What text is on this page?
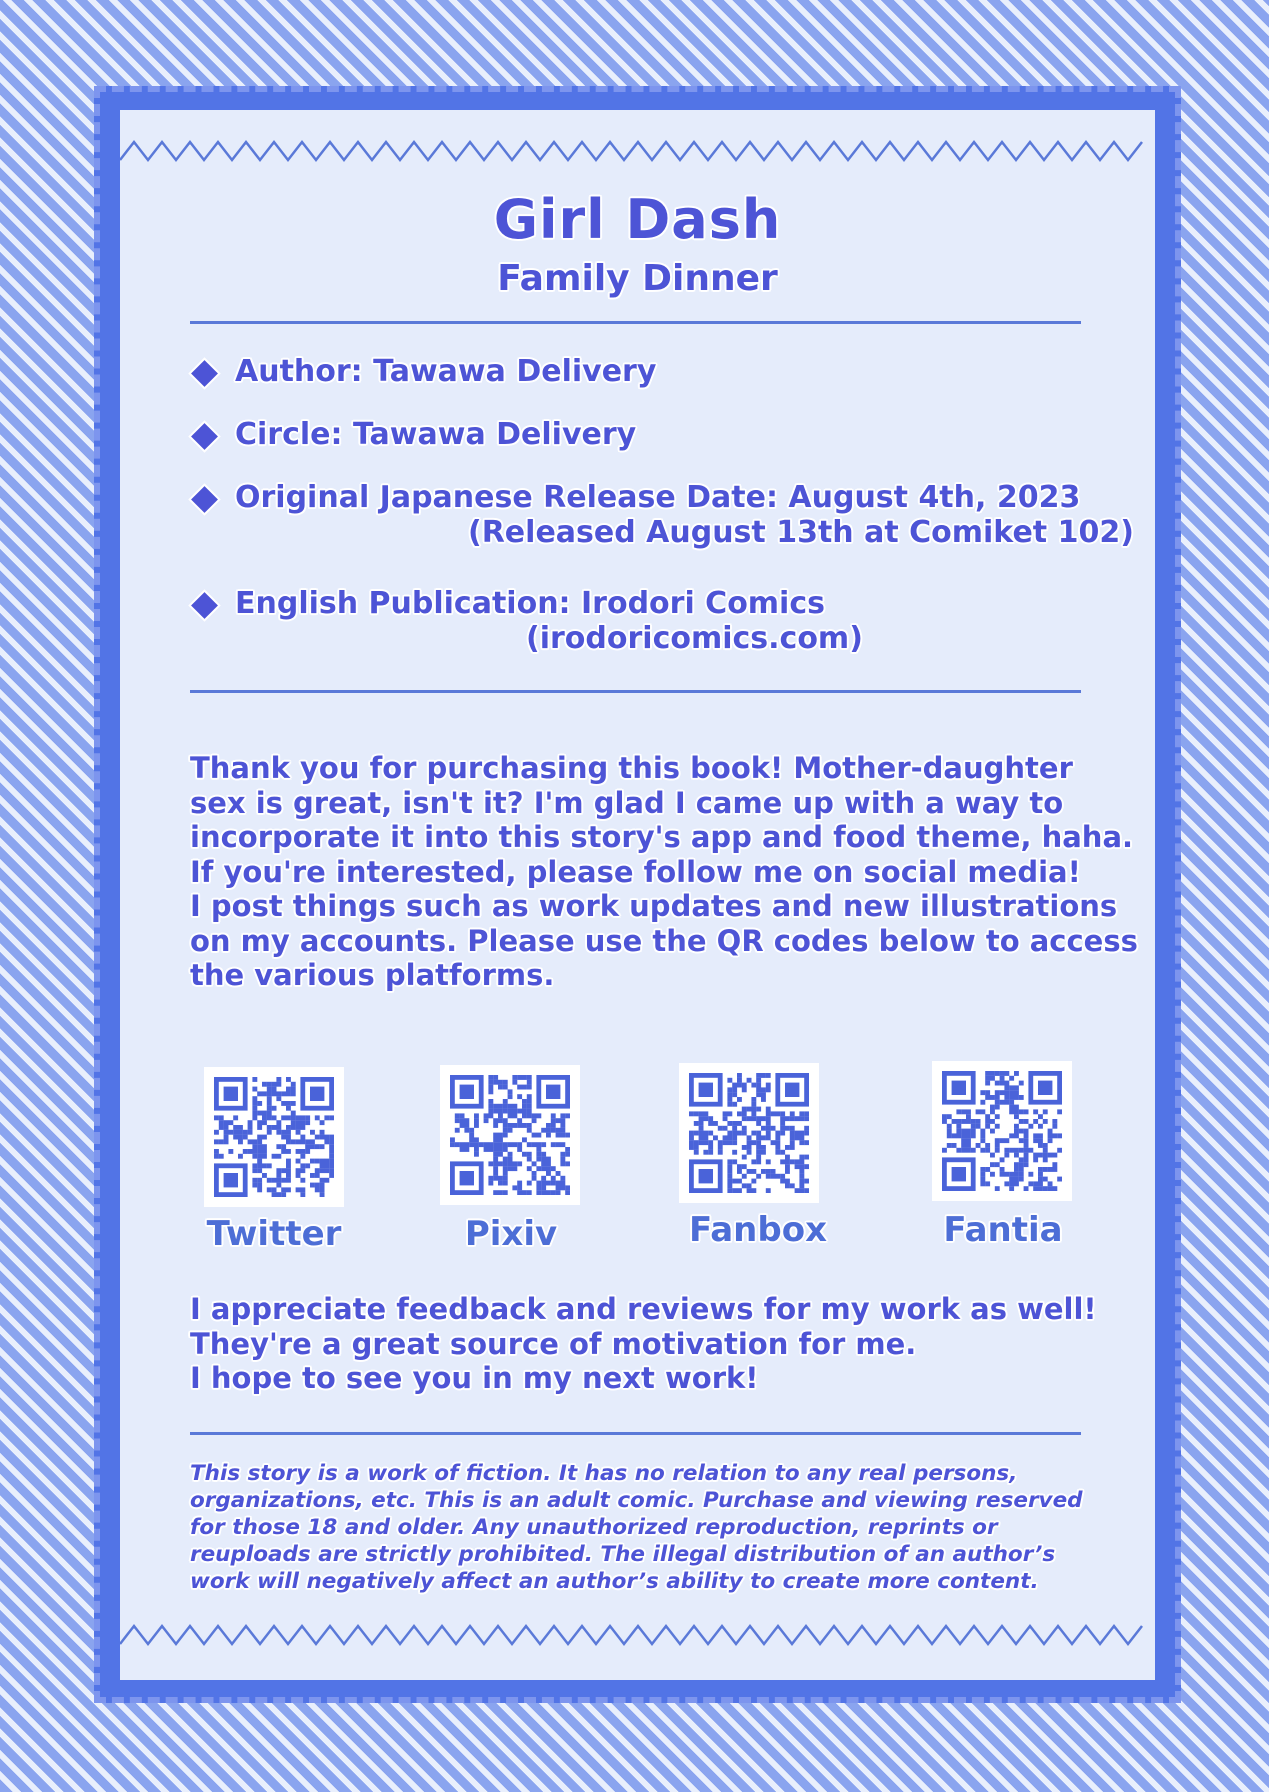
Girl Dash
Family Dinner
Author: Tawawa Delivery
Circle: Tawawa Delivery
Original Japanese Release Date: August 4th, 2023
(Released August 13th at Comiket 102)
English Publication: Irodori Comics
(irodoricomics.com)
Thank you for purchasing this book! Mother-daughter
sex is great, isn't it? I'm glad I came up with a way to
incorporate it into this story's app and food theme, haha.
If you're interested, please follow me on social media!
I post things such as work updates and new illustrations
on my accounts. Please use the QR codes below to access
the various platforms.
Twitter	Pixiv	Fanbox	Fantia
I appreciate feedback and reviews for my work as well!
They're a great source of motivation for me.
I hope to see you in my next work!
This story is a work of fiction. It has no relation to any real persons,
organizations, etc. This is an adult comic. Purchase and viewing reserved
for those 18 and older. Any unauthorized reproduction, reprints or
reuploads are strictly prohibited. The illegal distribution of an author’s
work will negatively affect an author’s ability to create more content.
